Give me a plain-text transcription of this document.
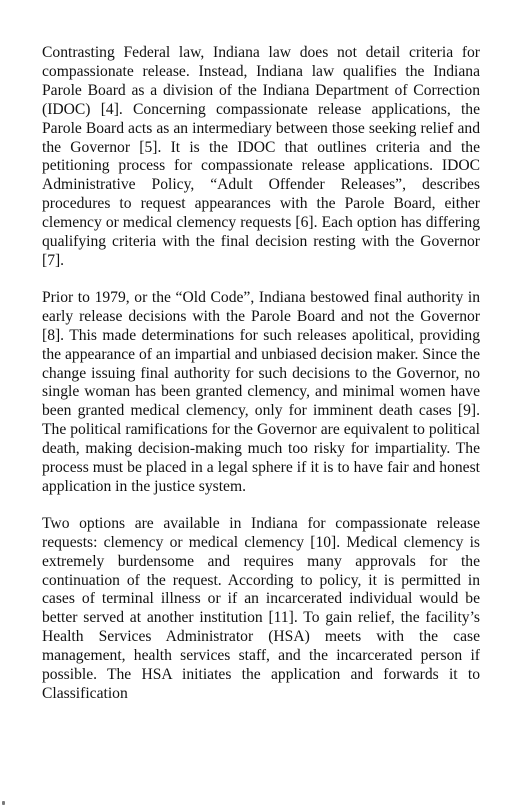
Contrasting Federal law, Indiana law does not detail criteria for compassionate release. Instead, Indiana law qualifies the Indiana Parole Board as a division of the Indiana Department of Correction (IDOC) [4]. Concerning compassionate release applications, the Parole Board acts as an intermediary between those seeking relief and the Governor [5]. It is the IDOC that outlines criteria and the petitioning process for compassionate release applications. IDOC Administrative Policy, “Adult Offender Releases”, describes procedures to request appearances with the Parole Board, either clemency or medical clemency requests [6]. Each option has differing qualifying criteria with the final decision resting with the Governor [7].

Prior to 1979, or the “Old Code”, Indiana bestowed final authority in early release decisions with the Parole Board and not the Governor [8]. This made determinations for such releases apolitical, providing the appearance of an impartial and unbiased decision maker. Since the change issuing final authority for such decisions to the Governor, no single woman has been granted clemency, and minimal women have been granted medical clemency, only for imminent death cases [9]. The political ramifications for the Governor are equivalent to political death, making decision-making much too risky for impartiality. The process must be placed in a legal sphere if it is to have fair and honest application in the justice system.

Two options are available in Indiana for compassionate release requests: clemency or medical clemency [10]. Medical clemency is extremely burdensome and requires many approvals for the continuation of the request. According to policy, it is permitted in cases of terminal illness or if an incarcerated individual would be better served at another institution [11]. To gain relief, the facility’s Health Services Administrator (HSA) meets with the case management, health services staff, and the incarcerated person if possible. The HSA initiates the application and forwards it to Classification
